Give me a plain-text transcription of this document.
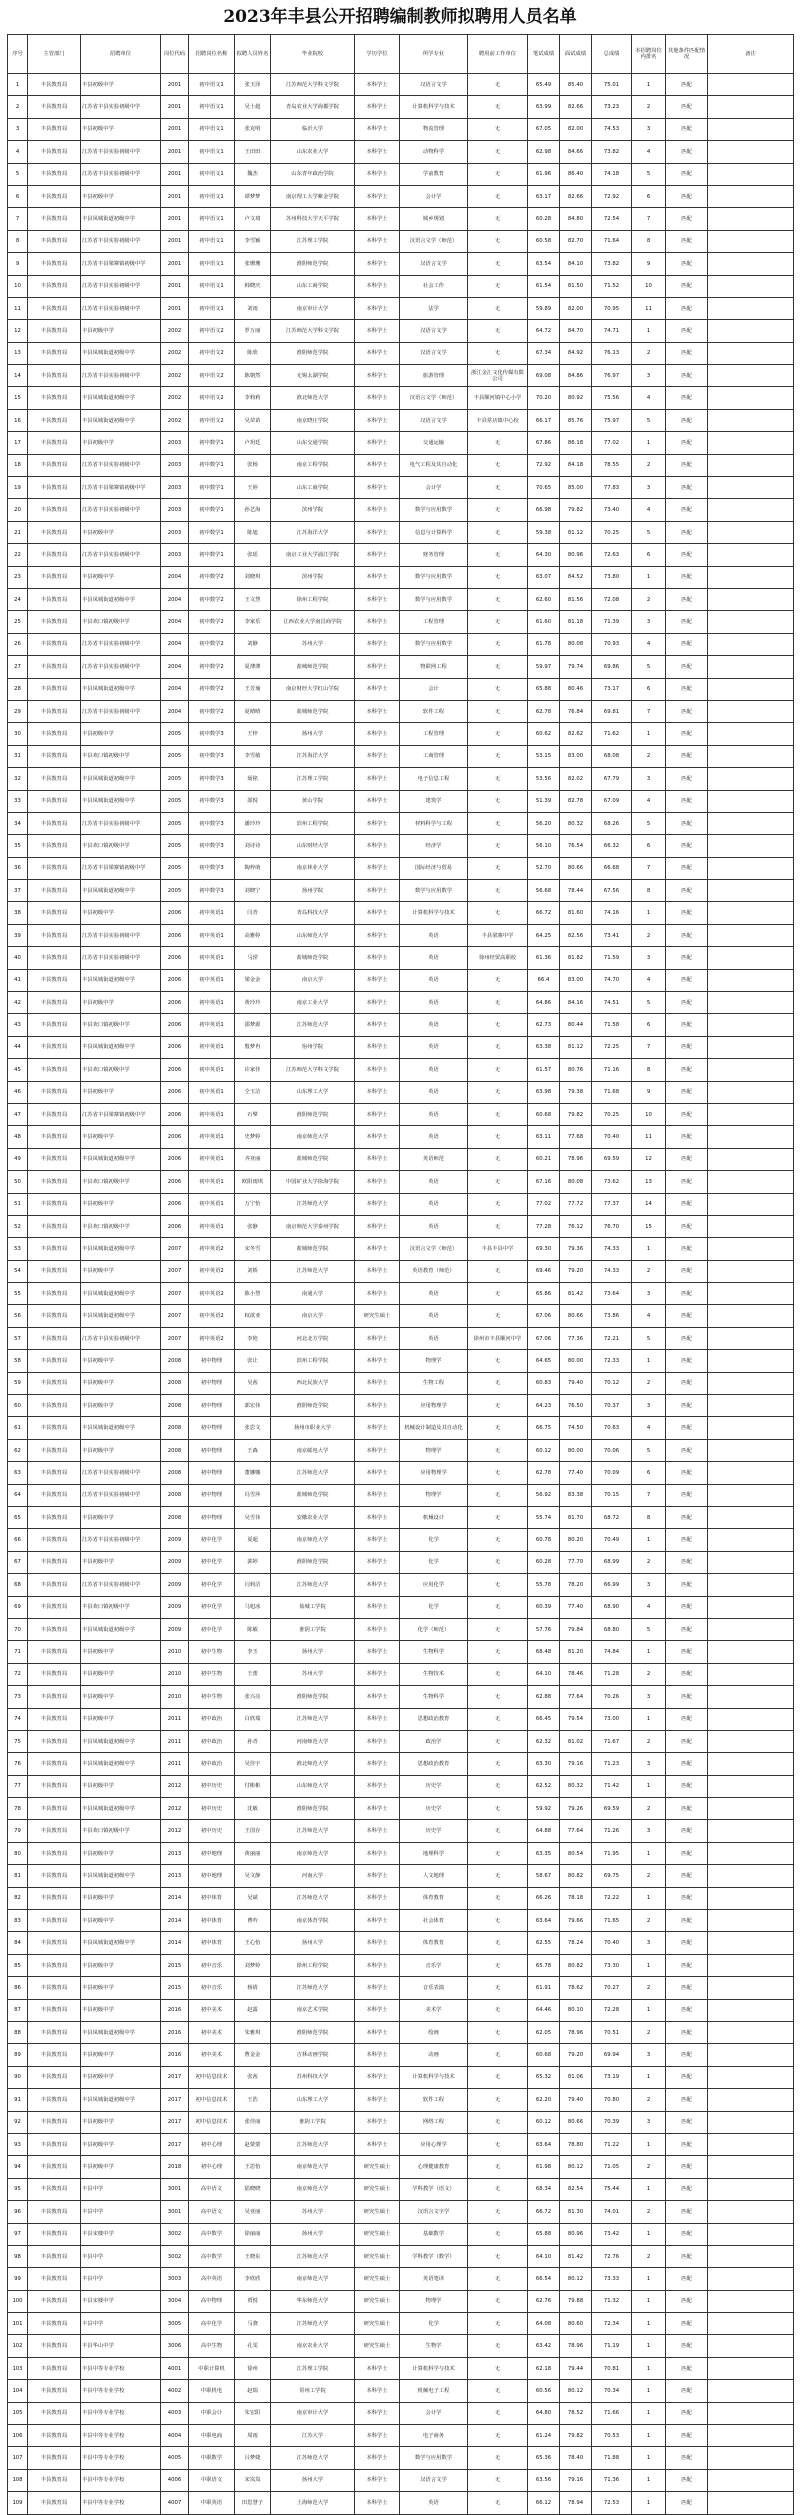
2023年丰县公开招聘编制教师拟聘用人员名单
序号	主管部门	招聘单位	岗位代码	招聘岗位名称	拟聘人员姓名	毕业院校	学历学位	所学专业	聘用前工作单位	笔试成绩	面试成绩	总成绩	本招聘岗位内排名	其他条件匹配情况	备注
1	丰县教育局	丰县初级中学	2001	初中语文1	张玉泽	江苏师范大学科文学院	本科学士	汉语言文学	无	65.49	85.40	75.01	1	匹配	
2	丰县教育局	江苏省丰县实验初级中学	2001	初中语文1	吴士超	青岛农业大学海都学院	本科学士	计算机科学与技术	无	63.99	82.66	73.23	2	匹配	
3	丰县教育局	丰县初级中学	2001	初中语文1	张克明	临沂大学	本科学士	物流管理	无	67.05	82.00	74.53	3	匹配	
4	丰县教育局	江苏省丰县实验初级中学	2001	初中语文1	王田田	山东农业大学	本科学士	动物科学	无	62.98	84.66	73.82	4	匹配	
5	丰县教育局	江苏省丰县实验初级中学	2001	初中语文1	魏杰	山东青年政治学院	本科学士	学前教育	无	61.96	86.40	74.18	5	匹配	
6	丰县教育局	丰县初级中学	2001	初中语文1	谭梦梦	南京理工大学紫金学院	本科学士	会计学	无	63.17	82.66	72.92	6	匹配	
7	丰县教育局	丰县凤城街道初级中学	2001	初中语文1	卢文琦	苏州科技大学天平学院	本科学士	城乡规划	无	60.28	84.80	72.54	7	匹配	
8	丰县教育局	江苏省丰县实验初级中学	2001	初中语文1	李雪颖	江苏理工学院	本科学士	汉语言文学（师范）	无	60.58	82.70	71.64	8	匹配	
9	丰县教育局	江苏省丰县梁寨镇初级中学	2001	初中语文1	张珊珊	淮阴师范学院	本科学士	汉语言文学	无	63.54	84.10	73.82	9	匹配	
10	丰县教育局	江苏省丰县实验初级中学	2001	初中语文1	韩晓庆	山东工商学院	本科学士	社会工作	无	61.54	81.50	71.52	10	匹配	
11	丰县教育局	江苏省丰县实验初级中学	2001	初中语文1	刘雨	南京审计大学	本科学士	法学	无	59.89	82.00	70.95	11	匹配	
12	丰县教育局	丰县初级中学	2002	初中语文2	罗万丽	江苏师范大学科文学院	本科学士	汉语言文学	无	64.72	84.70	74.71	1	匹配	
13	丰县教育局	丰县凤城街道初级中学	2002	初中语文2	陈欣	淮阴师范学院	本科学士	汉语言文学	无	67.34	84.92	76.13	2	匹配	
14	丰县教育局	江苏省丰县实验初级中学	2002	初中语文2	陈朝然	无锡太湖学院	本科学士	旅游管理	浙江金汇文化传媒有限公司	69.08	84.86	76.97	3	匹配	
15	丰县教育局	丰县凤城街道初级中学	2002	初中语文2	李莉莉	淮北师范大学	本科学士	汉语言文学（师范）	丰县顺河镇中心小学	70.20	80.92	75.56	4	匹配	
16	丰县教育局	丰县凤城街道初级中学	2002	初中语文2	吴苗苗	南京晓庄学院	本科学士	汉语言文学	丰县常店镇中心校	66.17	85.76	75.97	5	匹配	
17	丰县教育局	丰县初级中学	2003	初中数学1	卢玥廷	山东交通学院	本科学士	交通运输	无	67.86	86.18	77.02	1	匹配	
18	丰县教育局	江苏省丰县实验初级中学	2003	初中数学1	张杨	南京工程学院	本科学士	电气工程及其自动化	无	72.92	84.18	78.55	2	匹配	
19	丰县教育局	江苏省丰县梁寨镇初级中学	2003	初中数学1	王婷	山东工商学院	本科学士	会计学	无	70.65	85.00	77.83	3	匹配	
20	丰县教育局	江苏省丰县实验初级中学	2003	初中数学1	孙艺海	滨州学院	本科学士	数学与应用数学	无	66.98	79.82	73.40	4	匹配	
21	丰县教育局	丰县初级中学	2003	初中数学1	陈旭	江苏海洋大学	本科学士	信息与计算科学	无	59.38	81.12	70.25	5	匹配	
22	丰县教育局	江苏省丰县实验初级中学	2003	初中数学1	张瑶	南京工业大学浦江学院	本科学士	财务管理	无	64.30	80.96	72.63	6	匹配	
23	丰县教育局	丰县初级中学	2004	初中数学2	刘晓琪	滨州学院	本科学士	数学与应用数学	无	63.07	84.52	73.80	1	匹配	
24	丰县教育局	丰县凤城街道初级中学	2004	初中数学2	王文慧	徐州工程学院	本科学士	数学与应用数学	无	62.60	81.56	72.08	2	匹配	
25	丰县教育局	丰县欢口镇初级中学	2004	初中数学2	李家乐	江西农业大学南昌商学院	本科学士	工程管理	无	61.60	81.18	71.39	3	匹配	
26	丰县教育局	江苏省丰县实验初级中学	2004	初中数学2	刘静	苏州大学	本科学士	数学与应用数学	无	61.78	80.08	70.93	4	匹配	
27	丰县教育局	江苏省丰县实验初级中学	2004	初中数学2	夏薄薄	盐城师范学院	本科学士	物联网工程	无	59.97	79.74	69.86	5	匹配	
28	丰县教育局	丰县凤城街道初级中学	2004	初中数学2	王芳瑜	南京财经大学红山学院	本科学士	会计	无	65.88	80.46	73.17	6	匹配	
29	丰县教育局	江苏省丰县实验初级中学	2004	初中数学2	夏晴晴	盐城师范学院	本科学士	软件工程	无	62.78	76.84	69.81	7	匹配	
30	丰县教育局	丰县初级中学	2005	初中数学3	王梓	扬州大学	本科学士	工程管理	无	60.62	82.62	71.62	1	匹配	
31	丰县教育局	丰县欢口镇初级中学	2005	初中数学3	李雪敏	江苏海洋大学	本科学士	工商管理	无	53.15	83.00	68.08	2	匹配	
32	丰县教育局	丰县凤城街道初级中学	2005	初中数学3	聂铭	江苏理工学院	本科学士	电子信息工程	无	53.56	82.02	67.79	3	匹配	
33	丰县教育局	丰县凤城街道初级中学	2005	初中数学3	邵悦	黄山学院	本科学士	建筑学	无	51.39	82.78	67.09	4	匹配	
34	丰县教育局	江苏省丰县实验初级中学	2005	初中数学3	潘玲玲	滨州工程学院	本科学士	材料科学与工程	无	56.20	80.32	68.26	5	匹配	
35	丰县教育局	丰县欢口镇初级中学	2005	初中数学3	刘诗诗	山东财经大学	本科学士	经济学	无	56.10	76.54	66.32	6	匹配	
36	丰县教育局	江苏省丰县梁寨镇初级中学	2005	初中数学3	陶梓萌	南京林业大学	本科学士	国际经济与贸易	无	52.70	80.66	66.68	7	匹配	
37	丰县教育局	丰县凤城街道初级中学	2005	初中数学3	刘晓宁	扬州学院	本科学士	数学与应用数学	无	56.68	78.44	67.56	8	匹配	
38	丰县教育局	丰县初级中学	2006	初中英语1	闫青	青岛科技大学	本科学士	计算机科学与技术	无	66.72	81.60	74.16	1	匹配	
39	丰县教育局	江苏省丰县实验初级中学	2006	初中英语1	高雅婷	山东师范大学	本科学士	英语	丰县梁寨中学	64.25	82.56	73.41	2	匹配	
40	丰县教育局	江苏省丰县实验初级中学	2006	初中英语1	马滢	盐城师范学院	本科学士	英语	徐州经贸高职校	61.36	81.82	71.59	3	匹配	
41	丰县教育局	丰县凤城街道初级中学	2006	初中英语1	梁金金	南京大学	本科学士	英语	无	66.4	83.00	74.70	4	匹配	
42	丰县教育局	丰县初级中学	2006	初中英语1	黄玲玲	南京工业大学	本科学士	英语	无	64.86	84.16	74.51	5	匹配	
43	丰县教育局	丰县欢口镇初级中学	2006	初中英语1	邵梦源	江苏师范大学	本科学士	英语	无	62.73	80.44	71.58	6	匹配	
44	丰县教育局	丰县凤城街道初级中学	2006	初中英语1	殷梦冉	宿州学院	本科学士	英语	无	63.38	81.12	72.25	7	匹配	
45	丰县教育局	丰县欢口镇初级中学	2006	初中英语1	许家佳	江苏师范大学科文学院	本科学士	英语	无	61.57	80.76	71.16	8	匹配	
46	丰县教育局	丰县初级中学	2006	初中英语1	仝玉洁	山东理工大学	本科学士	英语	无	63.98	79.38	71.68	9	匹配	
47	丰县教育局	江苏省丰县梁寨镇初级中学	2006	初中英语1	石擘	淮阴师范学院	本科学士	英语	无	60.68	79.82	70.25	10	匹配	
48	丰县教育局	丰县初级中学	2006	初中英语1	史梦婷	南京师范大学	本科学士	英语	无	63.11	77.68	70.40	11	匹配	
49	丰县教育局	丰县凤城街道初级中学	2006	初中英语1	齐亚丽	盐城师范学院	本科学士	英语师范	无	60.21	78.96	69.59	12	匹配	
50	丰县教育局	丰县欢口镇初级中学	2006	初中英语1	欧阳雨琪	中国矿业大学徐海学院	本科学士	英语	无	67.16	80.08	73.62	13	匹配	
51	丰县教育局	丰县初级中学	2006	初中英语1	万宁怡	江苏师范大学	本科学士	英语	无	77.02	77.72	77.37	14	匹配	
52	丰县教育局	丰县欢口镇初级中学	2006	初中英语1	张静	南京师范大学泰州学院	本科学士	英语	无	77.28	76.12	76.70	15	匹配	
53	丰县教育局	丰县凤城街道初级中学	2007	初中英语2	宋冬雪	盐城师范学院	本科学士	汉语言文学（师范）	丰县丰县中学	69.30	79.36	74.33	1	匹配	
54	丰县教育局	丰县初级中学	2007	初中英语2	刘娇	江苏师范大学	本科学士	英语教育（师范）	无	69.46	79.20	74.33	2	匹配	
55	丰县教育局	丰县凤城街道初级中学	2007	初中英语2	陈小慧	南通大学	本科学士	英语	无	65.86	81.42	73.64	3	匹配	
56	丰县教育局	丰县凤城街道初级中学	2007	初中英语2	权欲亚	南京大学	研究生硕士	英语	无	67.06	80.66	73.86	4	匹配	
57	丰县教育局	江苏省丰县实验初级中学	2007	初中英语2	李艳	河北北方学院	本科学士	英语	徐州市丰县顺河中学	67.06	77.36	72.21	5	匹配	
58	丰县教育局	丰县初级中学	2008	初中物理	张让	滨州工程学院	本科学士	物理学	无	64.65	80.00	72.33	1	匹配	
59	丰县教育局	丰县初级中学	2008	初中物理	吴茜	西北民族大学	本科学士	生物工程	无	60.83	79.40	70.12	2	匹配	
60	丰县教育局	丰县初级中学	2008	初中物理	郭宏伟	淮阴师范学院	本科学士	应用物理学	无	64.23	76.50	70.37	3	匹配	
61	丰县教育局	丰县凤城街道初级中学	2008	初中物理	张思文	扬州市职业大学	本科学士	机械设计制造及其自动化	无	66.75	74.50	70.63	4	匹配	
62	丰县教育局	丰县初级中学	2008	初中物理	王森	南京邮电大学	本科学士	物理学	无	60.12	80.00	70.06	5	匹配	
63	丰县教育局	江苏省丰县实验初级中学	2008	初中物理	董娜娜	江苏师范大学	本科学士	应用物理学	无	62.78	77.40	70.09	6	匹配	
64	丰县教育局	江苏省丰县实验初级中学	2008	初中物理	冯雪萍	盐城师范学院	本科学士	物理学	无	56.92	83.38	70.15	7	匹配	
65	丰县教育局	丰县初级中学	2008	初中物理	吴雪伟	安徽农业大学	本科学士	机械设计	无	55.74	81.70	68.72	8	匹配	
66	丰县教育局	江苏省丰县实验初级中学	2009	初中化学	夏超	南京师范大学	本科学士	化学	无	60.78	80.20	70.49	1	匹配	
67	丰县教育局	丰县初级中学	2009	初中化学	郭婷	淮阴师范学院	本科学士	化学	无	60.28	77.70	68.99	2	匹配	
68	丰县教育局	江苏省丰县实验初级中学	2009	初中化学	闫莉洁	江苏师范大学	本科学士	应用化学	无	55.78	78.20	66.99	3	匹配	
69	丰县教育局	丰县欢口镇初级中学	2009	初中化学	马旭冰	盐城工学院	本科学士	化学	无	60.39	77.40	68.90	4	匹配	
70	丰县教育局	丰县凤城街道初级中学	2009	初中化学	陈敏	淮阴工学院	本科学士	化学（师范）	无	57.76	79.84	68.80	5	匹配	
71	丰县教育局	丰县初级中学	2010	初中生物	李玉	扬州大学	本科学士	生物科学	无	68.48	81.20	74.84	1	匹配	
72	丰县教育局	丰县初级中学	2010	初中生物	王蕾	苏州大学	本科学士	生物技术	无	64.10	78.46	71.28	2	匹配	
73	丰县教育局	丰县初级中学	2010	初中生物	张兴亮	淮阴师范学院	本科学士	生物科学	无	62.88	77.64	70.26	3	匹配	
74	丰县教育局	丰县初级中学	2011	初中政治	白欣瑞	江苏师范大学	本科学士	思想政治教育	无	66.45	79.54	73.00	1	匹配	
75	丰县教育局	丰县凤城街道初级中学	2011	初中政治	孙青	河南师范大学	本科学士	政治学	无	62.32	81.02	71.67	2	匹配	
76	丰县教育局	丰县凤城街道初级中学	2011	初中政治	吴佳宇	淮北师范大学	本科学士	思想政治教育	无	63.30	79.16	71.23	3	匹配	
77	丰县教育局	丰县初级中学	2012	初中历史	付彬彬	山东师范大学	本科学士	历史学	无	62.52	80.32	71.42	1	匹配	
78	丰县教育局	丰县凤城街道初级中学	2012	初中历史	沈敏	淮阴师范学院	本科学士	历史学	无	59.92	79.26	69.59	2	匹配	
79	丰县教育局	丰县欢口镇初级中学	2012	初中历史	王国存	江苏师范大学	本科学士	历史学	无	64.88	77.64	71.26	3	匹配	
80	丰县教育局	丰县初级中学	2013	初中地理	黄丽丽	南京师范大学	本科学士	地理科学	无	63.35	80.54	71.95	1	匹配	
81	丰县教育局	丰县凤城街道初级中学	2013	初中地理	吴文静	河南大学	本科学士	人文地理	无	58.67	80.82	69.75	2	匹配	
82	丰县教育局	丰县初级中学	2014	初中体育	吴斌	江苏师范大学	本科学士	体育教育	无	66.26	78.18	72.22	1	匹配	
83	丰县教育局	丰县初级中学	2014	初中体育	曹吟	南京体育学院	本科学士	社会体育	无	63.64	79.66	71.65	2	匹配	
84	丰县教育局	丰县凤城街道初级中学	2014	初中体育	王心怡	扬州大学	本科学士	体育教育	无	62.55	78.24	70.40	3	匹配	
85	丰县教育局	丰县初级中学	2015	初中音乐	刘梦婷	徐州工程学院	本科学士	音乐学	无	65.78	80.82	73.30	1	匹配	
86	丰县教育局	丰县初级中学	2015	初中音乐	杨倩	江苏师范大学	本科学士	音乐表演	无	61.91	78.62	70.27	2	匹配	
87	丰县教育局	丰县初级中学	2016	初中美术	赵露	南京艺术学院	本科学士	美术学	无	64.46	80.10	72.28	1	匹配	
88	丰县教育局	丰县凤城街道初级中学	2016	初中美术	朱雅琪	淮阴师范学院	本科学士	绘画	无	62.05	78.96	70.51	2	匹配	
89	丰县教育局	丰县初级中学	2016	初中美术	曹金金	吉林动画学院	本科学士	动画	无	60.68	79.20	69.94	3	匹配	
90	丰县教育局	丰县初级中学	2017	初中信息技术	张茜	苏州科技大学	本科学士	计算机科学与技术	无	65.32	81.06	73.19	1	匹配	
91	丰县教育局	丰县凤城街道初级中学	2017	初中信息技术	王浩	山东理工大学	本科学士	软件工程	无	62.20	79.40	70.80	2	匹配	
92	丰县教育局	丰县初级中学	2017	初中信息技术	张佳丽	淮阴工学院	本科学士	网络工程	无	60.12	80.66	70.39	3	匹配	
93	丰县教育局	丰县初级中学	2017	初中心理	赵蒙蒙	江苏师范大学	本科学士	应用心理学	无	63.64	78.80	71.22	1	匹配	
94	丰县教育局	丰县初级中学	2018	初中心理	王思怡	南京师范大学	研究生硕士	心理健康教育	无	61.98	80.12	71.05	2	匹配	
95	丰县教育局	丰县中学	3001	高中语文	陆晓晓	南京师范大学	研究生硕士	学科教学（语文）	无	68.34	82.54	75.44	1	匹配	
96	丰县教育局	丰县中学	3001	高中语文	吴亚丽	苏州大学	研究生硕士	汉语言文字学	无	66.72	81.30	74.01	2	匹配	
97	丰县教育局	丰县宋楼中学	3002	高中数学	徐丽丽	扬州大学	研究生硕士	基础数学	无	65.88	80.96	73.42	1	匹配	
98	丰县教育局	丰县中学	3002	高中数学	王晓东	江苏师范大学	研究生硕士	学科教学（数学）	无	64.10	81.42	72.76	2	匹配	
99	丰县教育局	丰县中学	3003	高中英语	李欣欣	南京师范大学	研究生硕士	英语笔译	无	66.54	80.12	73.33	1	匹配	
100	丰县教育局	丰县宋楼中学	3004	高中物理	贾悦	华东师范大学	研究生硕士	物理学	无	62.76	79.88	71.32	1	匹配	
101	丰县教育局	丰县中学	3005	高中化学	马骁	江苏师范大学	研究生硕士	化学	无	64.08	80.60	72.34	1	匹配	
102	丰县教育局	丰县华山中学	3006	高中生物	孔雯	南京农业大学	研究生硕士	生物学	无	63.42	78.96	71.19	1	匹配	
103	丰县教育局	丰县中等专业学校	4001	中职计算机	徐州	江苏理工学院	本科学士	计算机科学与技术	无	62.18	79.44	70.81	1	匹配	
104	丰县教育局	丰县中等专业学校	4002	中职机电	赵瑞	常州工学院	本科学士	机械电子工程	无	60.56	80.12	70.34	1	匹配	
105	丰县教育局	丰县中等专业学校	4003	中职会计	朱宏阳	南京审计大学	本科学士	会计学	无	64.80	78.52	71.66	1	匹配	
106	丰县教育局	丰县中等专业学校	4004	中职电商	周雨	江苏大学	本科学士	电子商务	无	61.24	79.82	70.53	1	匹配	
107	丰县教育局	丰县中等专业学校	4005	中职数学	吕梦婕	江苏师范大学	本科学士	数学与应用数学	无	65.36	78.40	71.88	1	匹配	
108	丰县教育局	丰县中等专业学校	4006	中职语文	宋岚岚	扬州大学	本科学士	汉语言文学	无	63.56	79.16	71.36	1	匹配	
109	丰县教育局	丰县中等专业学校	4007	中职英语	田思慧子	上海师范大学	本科学士	英语	无	66.12	78.94	72.53	1	匹配	
